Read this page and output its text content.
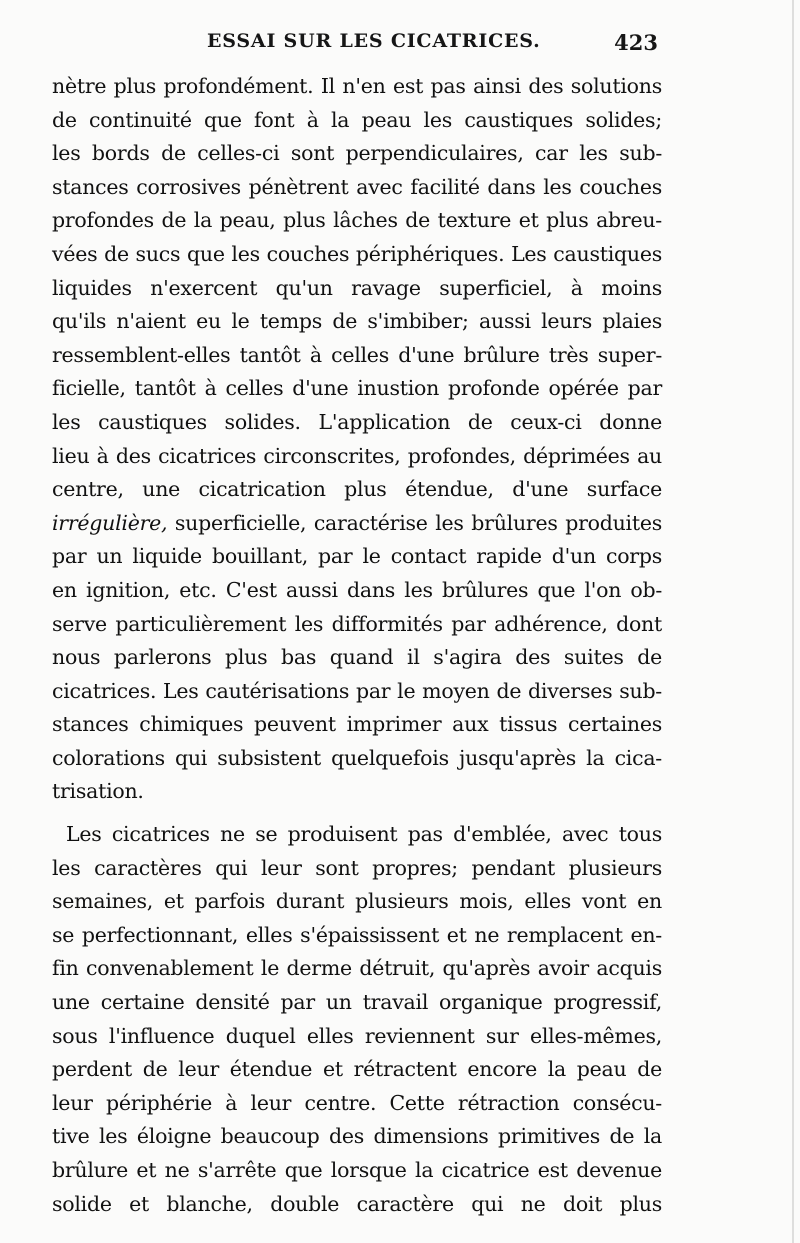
ESSAI SUR LES CICATRICES.	423
nètre plus profondément. Il n'en est pas ainsi des solutions
de continuité que font à la peau les caustiques solides;
les bords de celles-ci sont perpendiculaires, car les sub-
stances corrosives pénètrent avec facilité dans les couches
profondes de la peau, plus lâches de texture et plus abreu-
vées de sucs que les couches périphériques. Les caustiques
liquides n'exercent qu'un ravage superficiel, à moins
qu'ils n'aient eu le temps de s'imbiber; aussi leurs plaies
ressemblent-elles tantôt à celles d'une brûlure très super-
ficielle, tantôt à celles d'une inustion profonde opérée par
les caustiques solides. L'application de ceux-ci donne
lieu à des cicatrices circonscrites, profondes, déprimées au
centre, une cicatrication plus étendue, d'une surface
irrégulière, superficielle, caractérise les brûlures produites
par un liquide bouillant, par le contact rapide d'un corps
en ignition, etc. C'est aussi dans les brûlures que l'on ob-
serve particulièrement les difformités par adhérence, dont
nous parlerons plus bas quand il s'agira des suites de
cicatrices. Les cautérisations par le moyen de diverses sub-
stances chimiques peuvent imprimer aux tissus certaines
colorations qui subsistent quelquefois jusqu'après la cica-
trisation.
Les cicatrices ne se produisent pas d'emblée, avec tous
les caractères qui leur sont propres; pendant plusieurs
semaines, et parfois durant plusieurs mois, elles vont en
se perfectionnant, elles s'épaississent et ne remplacent en-
fin convenablement le derme détruit, qu'après avoir acquis
une certaine densité par un travail organique progressif,
sous l'influence duquel elles reviennent sur elles-mêmes,
perdent de leur étendue et rétractent encore la peau de
leur périphérie à leur centre. Cette rétraction consécu-
tive les éloigne beaucoup des dimensions primitives de la
brûlure et ne s'arrête que lorsque la cicatrice est devenue
solide et blanche, double caractère qui ne doit plus
